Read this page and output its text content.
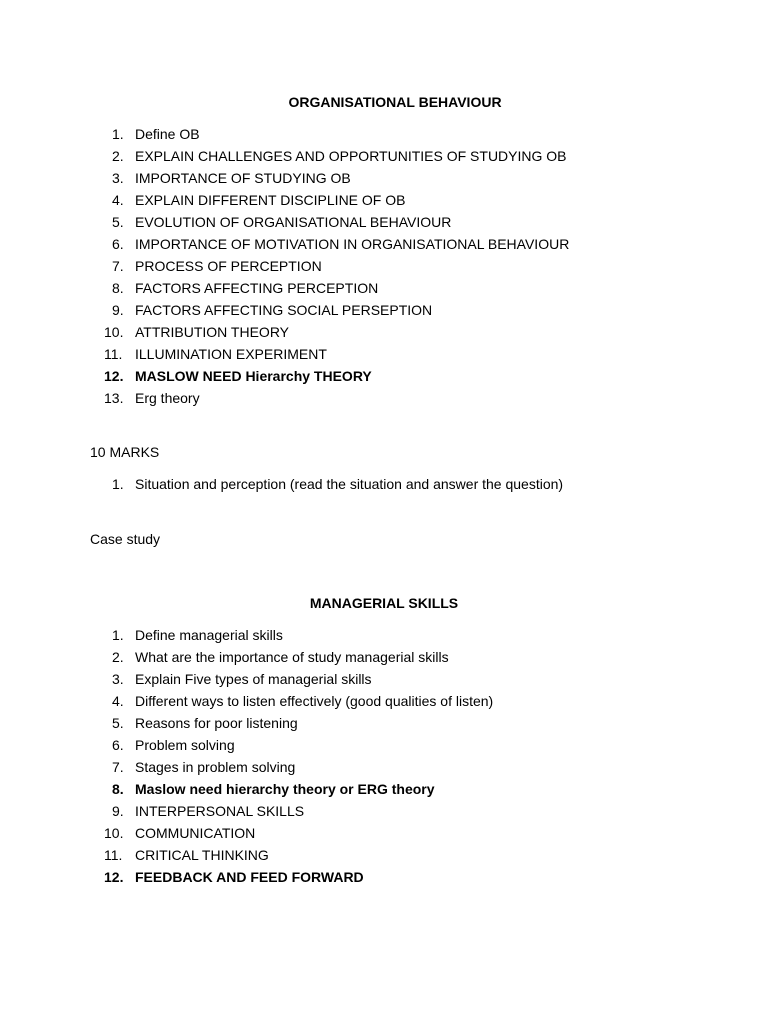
ORGANISATIONAL BEHAVIOUR
1. Define OB
2. EXPLAIN CHALLENGES AND OPPORTUNITIES OF STUDYING OB
3. IMPORTANCE OF STUDYING OB
4. EXPLAIN DIFFERENT DISCIPLINE OF OB
5. EVOLUTION OF ORGANISATIONAL BEHAVIOUR
6. IMPORTANCE OF MOTIVATION IN ORGANISATIONAL BEHAVIOUR
7. PROCESS OF PERCEPTION
8. FACTORS AFFECTING PERCEPTION
9. FACTORS AFFECTING SOCIAL PERSEPTION
10. ATTRIBUTION THEORY
11. ILLUMINATION EXPERIMENT
12. MASLOW NEED Hierarchy THEORY
13. Erg theory
10 MARKS
1. Situation and perception (read the situation and answer the question)
Case study
MANAGERIAL SKILLS
1. Define managerial skills
2. What are the importance of study managerial skills
3. Explain Five types of managerial skills
4. Different ways to listen effectively (good qualities of listen)
5. Reasons for poor listening
6. Problem solving
7. Stages in problem solving
8. Maslow need hierarchy theory or ERG theory
9. INTERPERSONAL SKILLS
10. COMMUNICATION
11. CRITICAL THINKING
12. FEEDBACK AND FEED FORWARD
